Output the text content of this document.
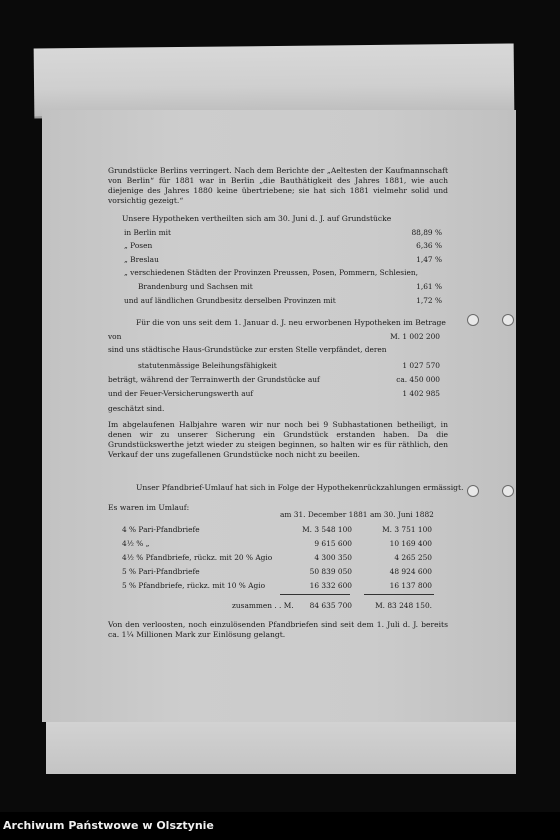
Grundstücke Berlins verringert. Nach dem Berichte der „Aeltesten der Kaufmannschaft von Berlin“ für 1881 war in Berlin „die Bauthätigkeit des Jahres 1881, wie auch diejenige des Jahres 1880 keine übertriebene; sie hat sich 1881 vielmehr solid und vorsichtig gezeigt.“
Unsere Hypotheken vertheilten sich am 30. Juni d. J. auf Grundstücke
in Berlin mit	88,89 %
„ Posen	6,36 %
„ Breslau	1,47 %
„ verschiedenen Städten der Provinzen Preussen, Posen, Pommern, Schlesien,
Brandenburg und Sachsen mit	1,61 %
und auf ländlichen Grundbesitz derselben Provinzen mit	1,72 %
Für die von uns seit dem 1. Januar d. J. neu erworbenen Hypotheken im Betrage
von	M. 1 002 200
sind uns städtische Haus-Grundstücke zur ersten Stelle verpfändet, deren
statutenmässige Beleihungsfähigkeit	1 027 570
beträgt, während der Terrainwerth der Grundstücke auf	ca. 450 000
und der Feuer-Versicherungswerth auf	1 402 985
geschätzt sind.
Im abgelaufenen Halbjahre waren wir nur noch bei 9 Subhastationen betheiligt, in denen wir zu unserer Sicherung ein Grundstück erstanden haben. Da die Grundstückswerthe jetzt wieder zu steigen beginnen, so halten wir es für räthlich, den Verkauf der uns zugefallenen Grundstücke noch nicht zu beeilen.
Unser Pfandbrief-Umlauf hat sich in Folge der Hypothekenrückzahlungen ermässigt.
Es waren im Umlauf:
am 31. December 1881 am 30. Juni 1882
4 % Pari-Pfandbriefe	M. 3 548 100	M. 3 751 100
4½ % „	9 615 600	10 169 400
4½ % Pfandbriefe, rückz. mit 20 % Agio	4 300 350	4 265 250
5 % Pari-Pfandbriefe	50 839 050	48 924 600
5 % Pfandbriefe, rückz. mit 10 % Agio	16 332 600	16 137 800
zusammen . . M. 84 635 700	M. 83 248 150.
Von den verloosten, noch einzulösenden Pfandbriefen sind seit dem 1. Juli d. J. bereits ca. 1¼ Millionen Mark zur Einlösung gelangt.
Archiwum Państwowe w Olsztynie
